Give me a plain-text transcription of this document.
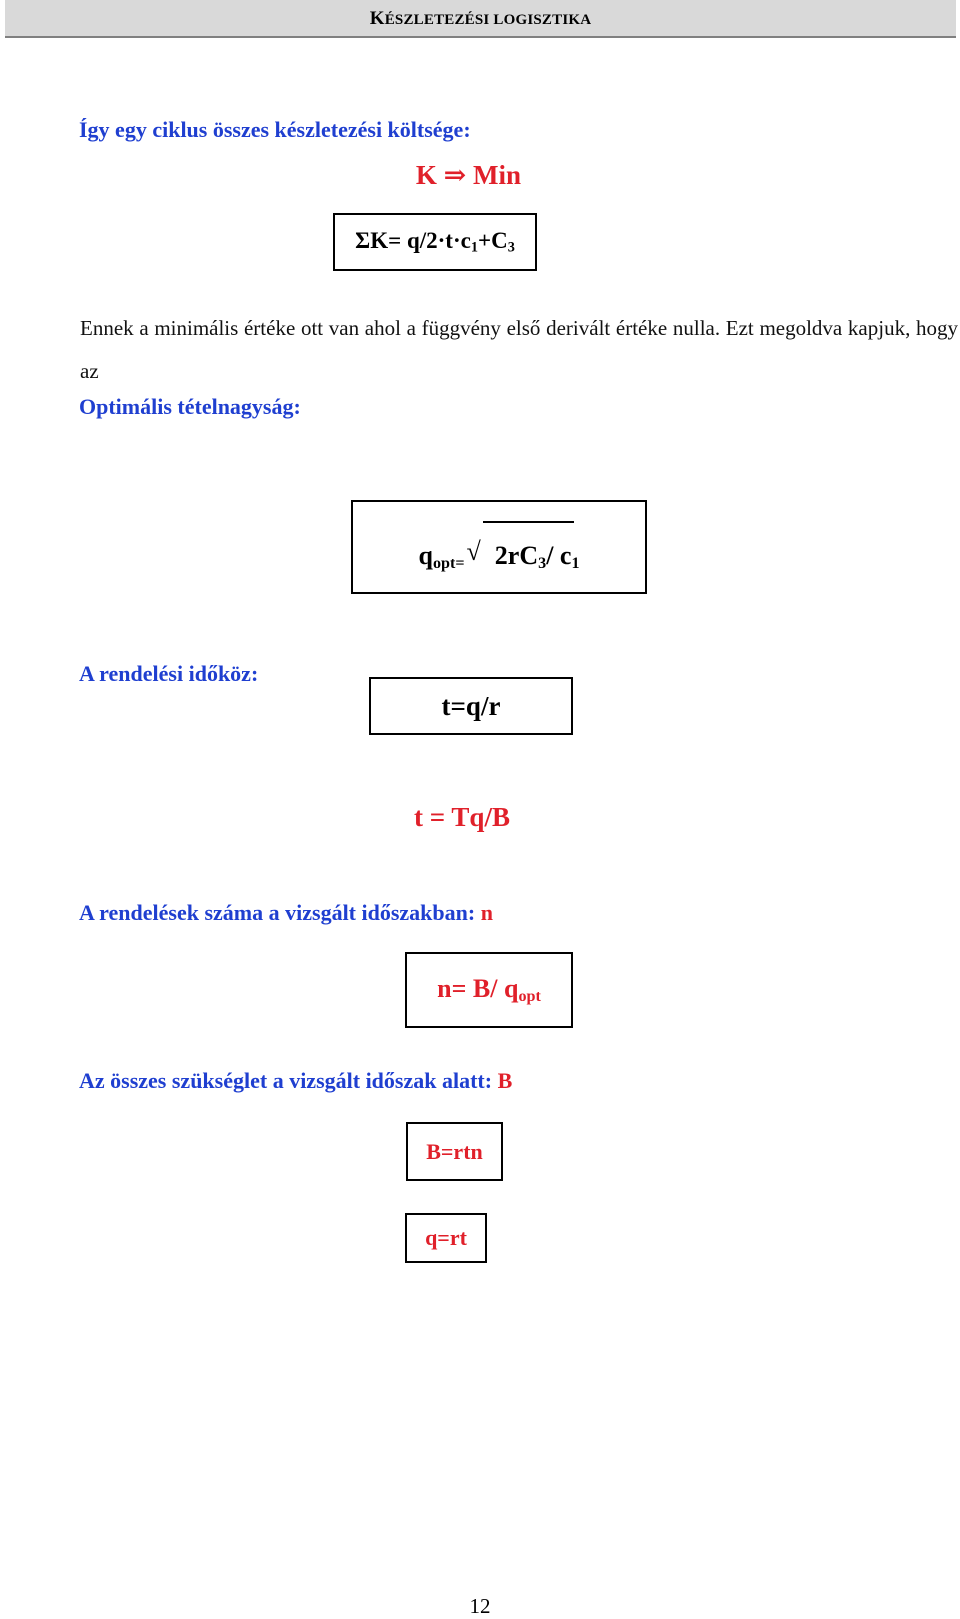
KÉSZLETEZÉSI LOGISZTIKA
Így egy ciklus összes készletezési költsége:
K ⇒ Min
$\Sigma K= q/2\cdot t\cdot c_1+C_3$
Ennek a minimális értéke ott van ahol a függvény első derivált értéke nulla. Ezt megoldva kapjuk, hogy az
Optimális tételnagyság:
$q_{opt=}√$ $2rC_3/$ $c_1$
A rendelési időköz:
t=q/r
t = Tq/B
A rendelések száma a vizsgált időszakban: n
n= B/ $q_{opt}$
Az összes szükséglet a vizsgált időszak alatt: B
B=rtn
q=rt
12
